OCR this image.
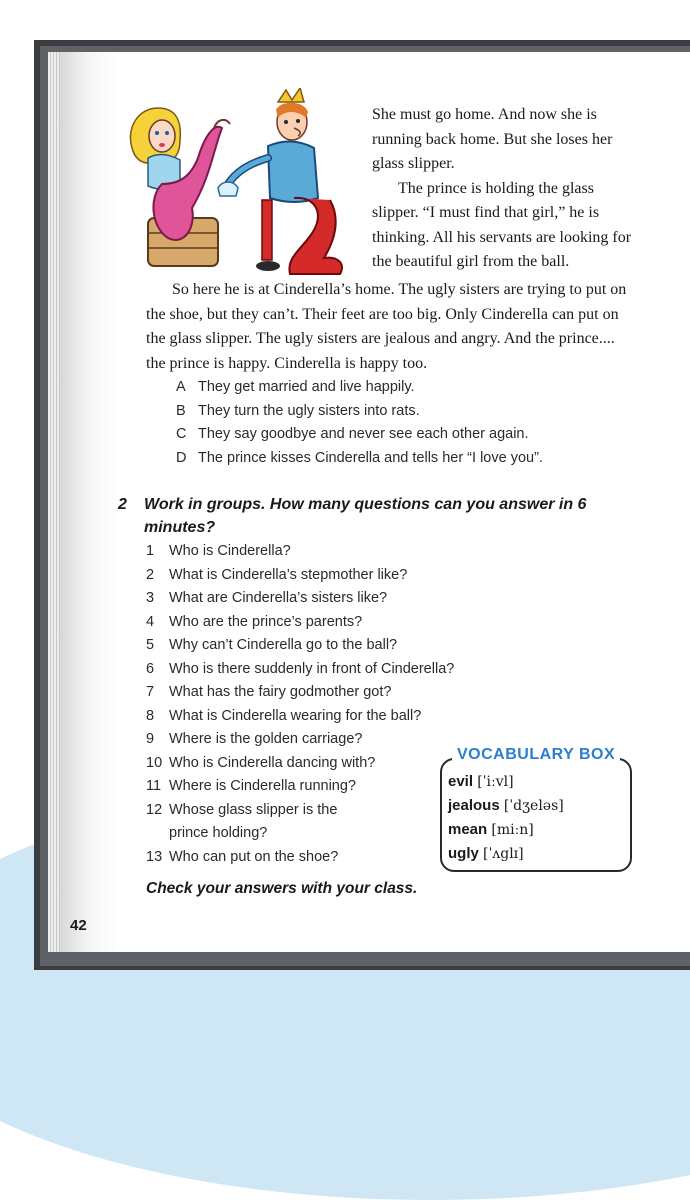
She must go home. And now she is running back home. But she loses her glass slipper.
The prince is holding the glass slipper. “I must find that girl,” he is thinking. All his servants are looking for the beautiful girl from the ball.

So here he is at Cinderella’s home. The ugly sisters are trying to put on the shoe, but they can’t. Their feet are too big. Only Cinderella can put on the glass slipper. The ugly sisters are jealous and angry. And the prince.... the prince is happy. Cinderella is happy too.

A They get married and live happily.
B They turn the ugly sisters into rats.
C They say goodbye and never see each other again.
D The prince kisses Cinderella and tells her “I love you”.
2 Work in groups. How many questions can you answer in 6 minutes?
1	Who is Cinderella?
2	What is Cinderella’s stepmother like?
3	What are Cinderella’s sisters like?
4	Who are the prince’s parents?
5	Why can’t Cinderella go to the ball?
6	Who is there suddenly in front of Cinderella?
7	What has the fairy godmother got?
8	What is Cinderella wearing for the ball?
9	Where is the golden carriage?
10 Who is Cinderella dancing with?
11 Where is Cinderella running?
12 Whose glass slipper is the prince holding?
13 Who can put on the shoe?
VOCABULARY BOX
evil [ˈiːvl]
jealous [ˈdʒeləs]
mean [miːn]
ugly [ˈʌglɪ]
Check your answers with your class.
42
